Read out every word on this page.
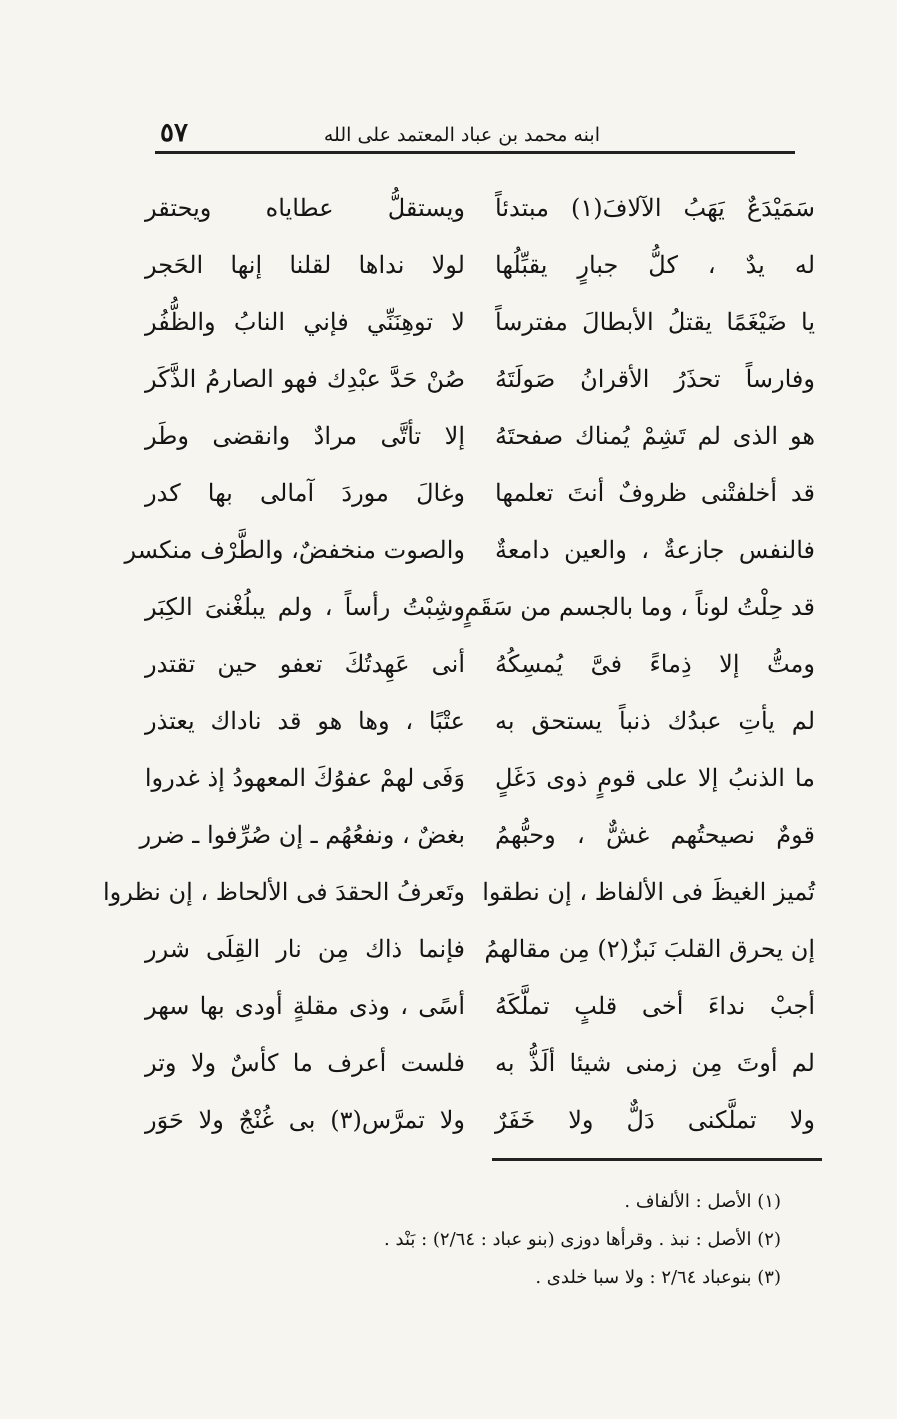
ابنه محمد بن عباد المعتمد على الله
٥٧
سَمَيْدَعٌ يَهَبُ الآلافَ(١) مبتدئاً
ويستقلُّ عطاياه ويحتقر
له يدٌ ، كلُّ جبارٍ يقبِّلُها
لولا نداها لقلنا إنها الحَجر
يا ضَيْغَمًا يقتلُ الأبطالَ مفترساً
لا توهِنَنِّي فإني النابُ والظُّفُر
وفارساً تحذَرُ الأقرانُ صَولَتَهُ
صُنْ حَدَّ عبْدِك فهو الصارمُ الذَّكَر
هو الذى لم تَشِمْ يُمناك صفحتَهُ
إلا تأتَّى مرادٌ وانقضى وطَر
قد أخلفتْنى ظروفٌ أنتَ تعلمها
وغالَ موردَ آمالى بها كدر
فالنفس جازعةٌ ، والعين دامعةٌ
والصوت منخفضٌ، والطَّرْف منكسر
قد حِلْتُ لوناً ، وما بالجسم من سَقَمٍ
وشِبْتُ رأساً ، ولم يبلُغْنىَ الكِبَر
ومتُّ إلا ذِماءً فىَّ يُمسِكُهُ
أنى عَهِدتُكَ تعفو حين تقتدر
لم يأتِ عبدُك ذنباً يستحق به
عتْبًا ، وها هو قد ناداك يعتذر
ما الذنبُ إلا على قومٍ ذوى دَغَلٍ
وَفَى لهمْ عفوُكَ المعهودُ إذ غدروا
قومٌ نصيحتُهم غشٌّ ، وحبُّهمُ
بغضٌ ، ونفعُهُم ـ إن صُرِّفوا ـ ضرر
تُميز الغيظَ فى الألفاظ ، إن نطقوا
وتَعرفُ الحقدَ فى الألحاظ ، إن نظروا
إن يحرق القلبَ نَبزٌ(٢) مِن مقالهمُ
فإنما ذاك مِن نار القِلَى شرر
أجبْ نداءَ أخى قلبٍ تملَّكَهُ
أسًى ، وذى مقلةٍ أودى بها سهر
لم أوتَ مِن زمنى شيئا ألَذُّ به
فلست أعرف ما كأسٌ ولا وتر
ولا تملَّكنى دَلٌّ ولا خَفَرٌ
ولا تمرَّس(٣) بى غُنْجٌ ولا حَوَر
(١) الأصل : الألفاف .
(٢) الأصل : نبذ . وقرأها دوزى (بنو عباد : ٢/٦٤) : بَنْد .
(٣) بنوعباد ٢/٦٤ : ولا سبا خلدى .
